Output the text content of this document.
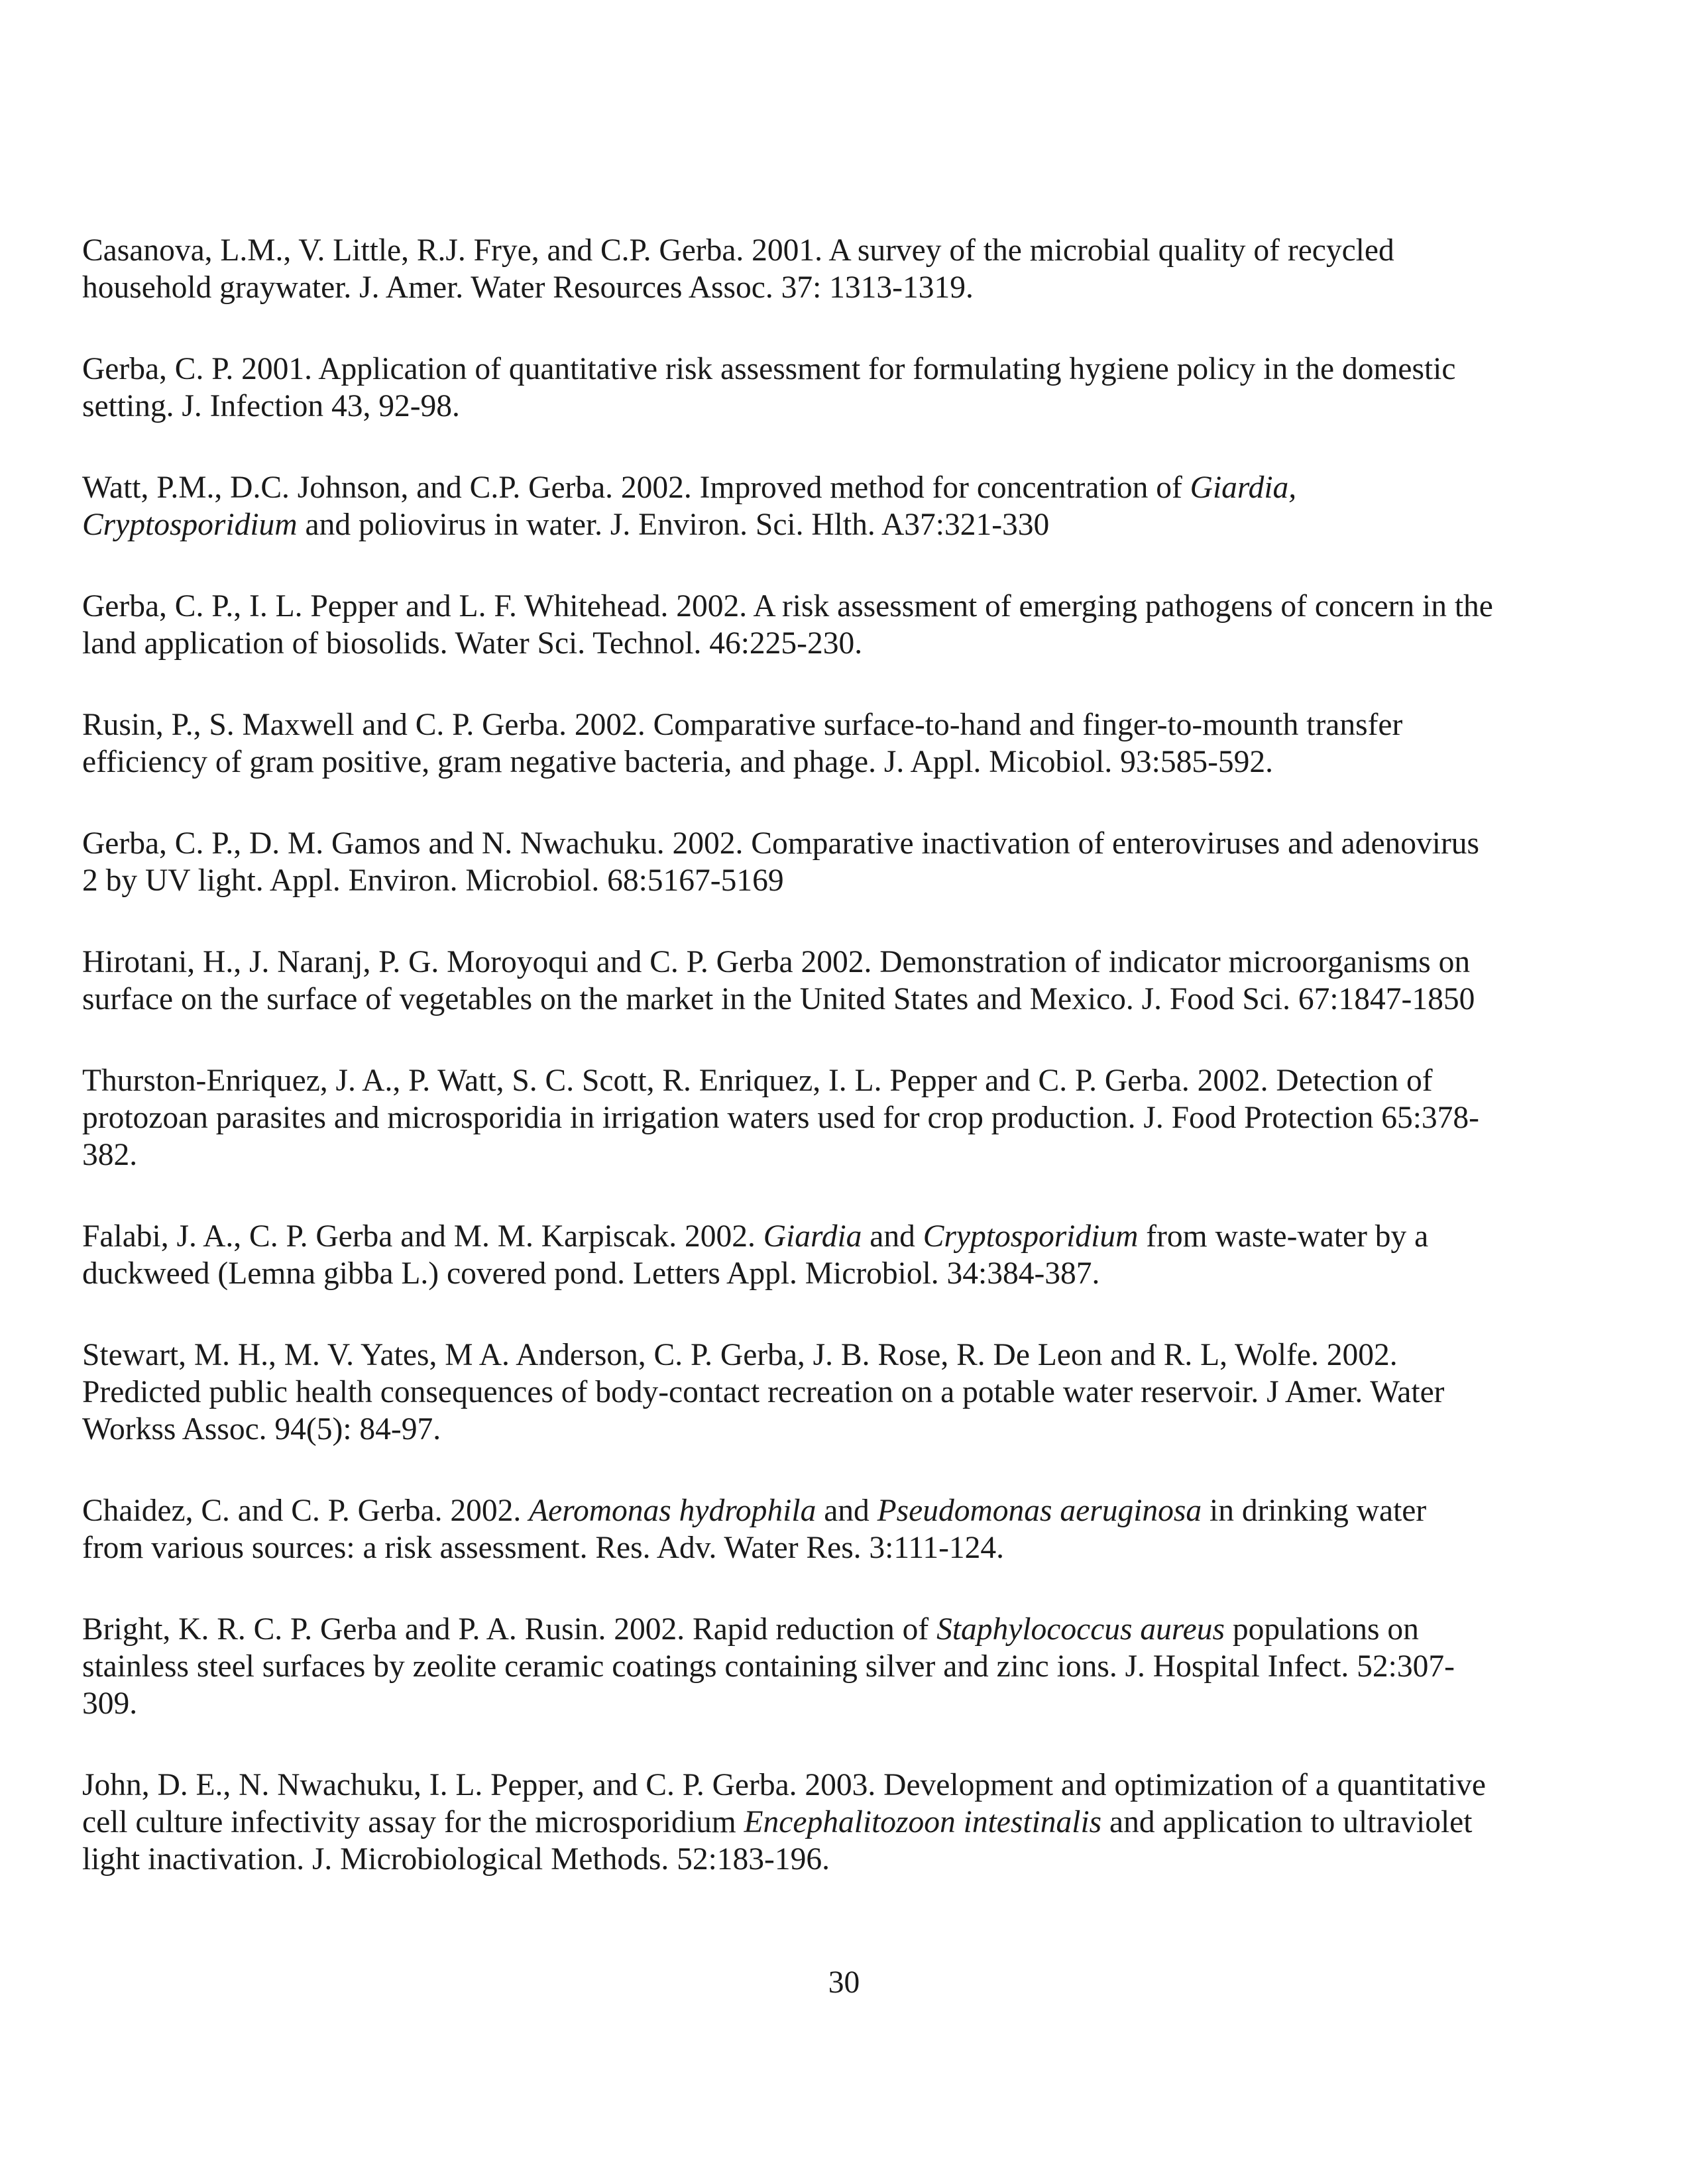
Casanova, L.M., V. Little, R.J. Frye, and C.P. Gerba. 2001. A survey of the microbial quality of recycled
household graywater. J. Amer. Water Resources Assoc. 37: 1313-1319.
Gerba, C. P. 2001. Application of quantitative risk assessment for formulating hygiene policy in the domestic
setting. J. Infection 43, 92-98.
Watt, P.M., D.C. Johnson, and C.P. Gerba. 2002. Improved method for concentration of Giardia,
Cryptosporidium and poliovirus in water. J. Environ. Sci. Hlth. A37:321-330
Gerba, C. P., I. L. Pepper and L. F. Whitehead. 2002. A risk assessment of emerging pathogens of concern in the
land application of biosolids. Water Sci. Technol. 46:225-230.
Rusin, P., S. Maxwell and C. P. Gerba. 2002. Comparative surface-to-hand and finger-to-mounth transfer
efficiency of gram positive, gram negative bacteria, and phage. J. Appl. Micobiol. 93:585-592.
Gerba, C. P., D. M. Gamos and N. Nwachuku. 2002. Comparative inactivation of enteroviruses and adenovirus
2 by UV light. Appl. Environ. Microbiol. 68:5167-5169
Hirotani, H., J. Naranj, P. G. Moroyoqui and C. P. Gerba 2002. Demonstration of indicator microorganisms on
surface on the surface of vegetables on the market in the United States and Mexico. J. Food Sci. 67:1847-1850
Thurston-Enriquez, J. A., P. Watt, S. C. Scott, R. Enriquez, I. L. Pepper and C. P. Gerba. 2002. Detection of
protozoan parasites and microsporidia in irrigation waters used for crop production. J. Food Protection 65:378-
382.
Falabi, J. A., C. P. Gerba and M. M. Karpiscak. 2002. Giardia and Cryptosporidium from waste-water by a
duckweed (Lemna gibba L.) covered pond. Letters Appl. Microbiol. 34:384-387.
Stewart, M. H., M. V. Yates, M A. Anderson, C. P. Gerba, J. B. Rose, R. De Leon and R. L, Wolfe. 2002.
Predicted public health consequences of body-contact recreation on a potable water reservoir. J Amer. Water
Workss Assoc. 94(5): 84-97.
Chaidez, C. and C. P. Gerba. 2002. Aeromonas hydrophila and Pseudomonas aeruginosa in drinking water
from various sources: a risk assessment. Res. Adv. Water Res. 3:111-124.
Bright, K. R. C. P. Gerba and P. A. Rusin. 2002. Rapid reduction of Staphylococcus aureus populations on
stainless steel surfaces by zeolite ceramic coatings containing silver and zinc ions. J. Hospital Infect. 52:307-
309.
John, D. E., N. Nwachuku, I. L. Pepper, and C. P. Gerba. 2003. Development and optimization of a quantitative
cell culture infectivity assay for the microsporidium Encephalitozoon intestinalis and application to ultraviolet
light inactivation. J. Microbiological Methods. 52:183-196.
30
